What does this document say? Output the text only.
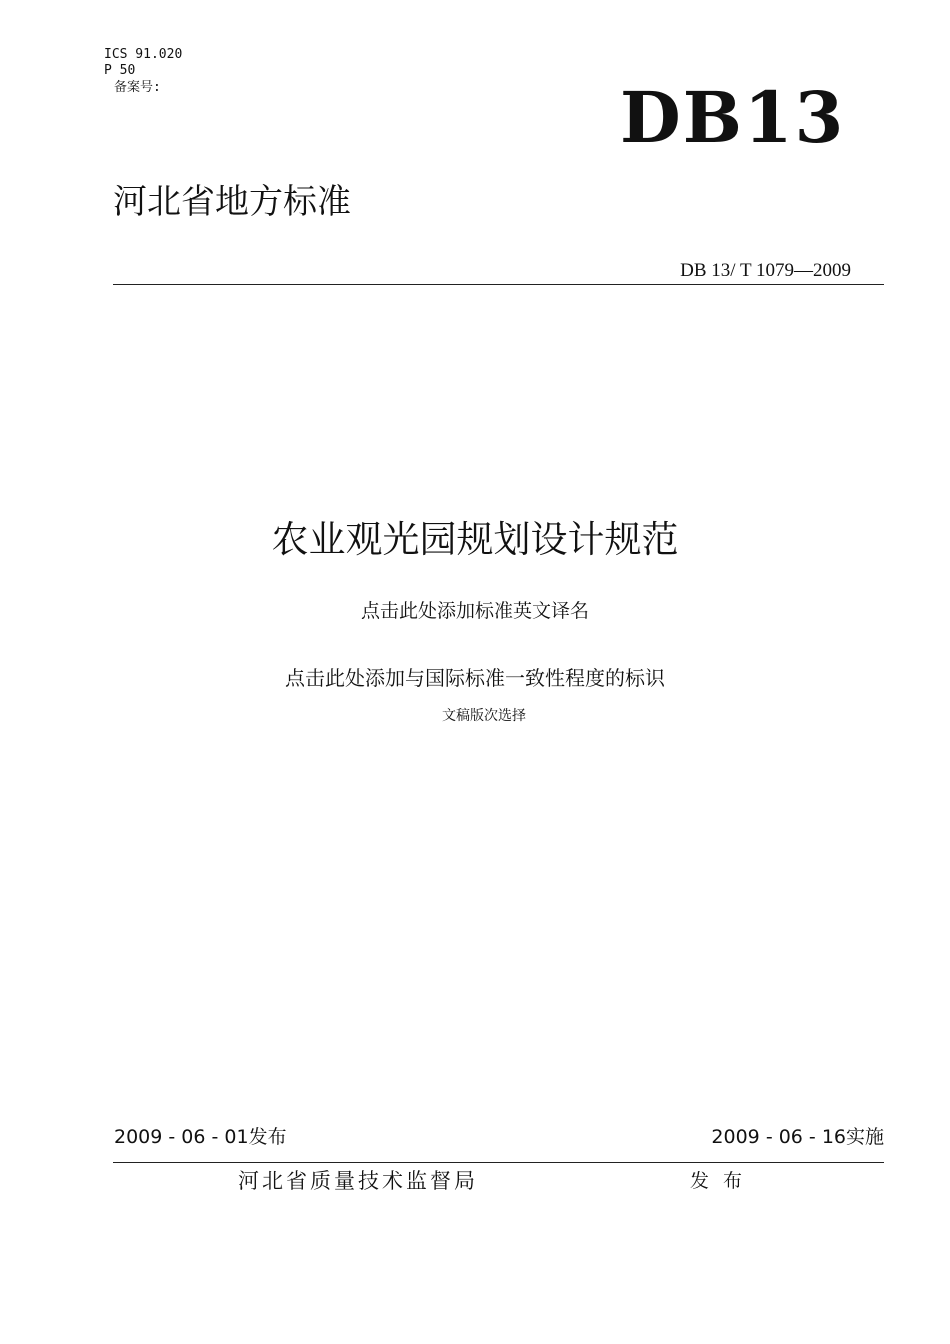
ICS 91.020
P 50
备案号:	DB13
河北省地方标准
DB 13/ T 1079—2009
农业观光园规划设计规范
点击此处添加标准英文译名
点击此处添加与国际标准一致性程度的标识
文稿版次选择
2009 - 06 - 01发布	2009 - 06 - 16实施
河北省质量技术监督局	发 布
